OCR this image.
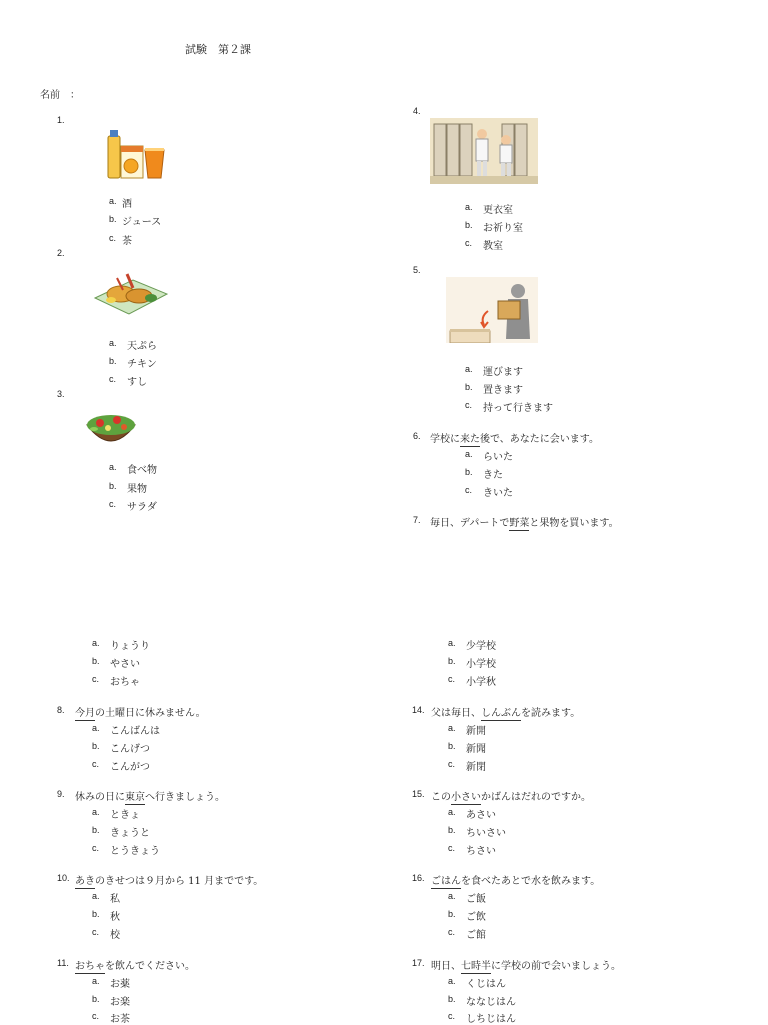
試験　第２課
名前　：
1.
a. 酒
b. ジュース
c. 茶
2.
a. 天ぷら
b. チキン
c. すし
3.
a. 食べ物
b. 果物
c. サラダ
4.
a. 更衣室
b. お祈り室
c. 教室
5.
a. 運びます
b. 置きます
c. 持って行きます
6. 学校に来た後で、あなたに会います。
a. らいた
b. きた
c. きいた
7. 毎日、デパートで野菜と果物を買います。
a. りょうり
b. やさい
c. おちゃ
a. 少学校
b. 小学校
c. 小学秋
8. 今月の土曜日に休みません。
a. こんばんは
b. こんげつ
c. こんがつ
9. 休みの日に東京へ行きましょう。
a. ときょ
b. きょうと
c. とうきょう
10. あきのきせつは９月から 11 月までです。
a. 私
b. 秋
c. 校
11. おちゃを飲んでください。
a. お薬
b. お楽
c. お茶
14. 父は毎日、しんぶんを読みます。
a. 新開
b. 新聞
c. 新閉
15. この小さいかばんはだれのですか。
a. あさい
b. ちいさい
c. ちさい
16. ごはんを食べたあとで水を飲みます。
a. ご飯
b. ご飲
c. ご館
17. 明日、七時半に学校の前で会いましょう。
a. くじはん
b. ななじはん
c. しちじはん
